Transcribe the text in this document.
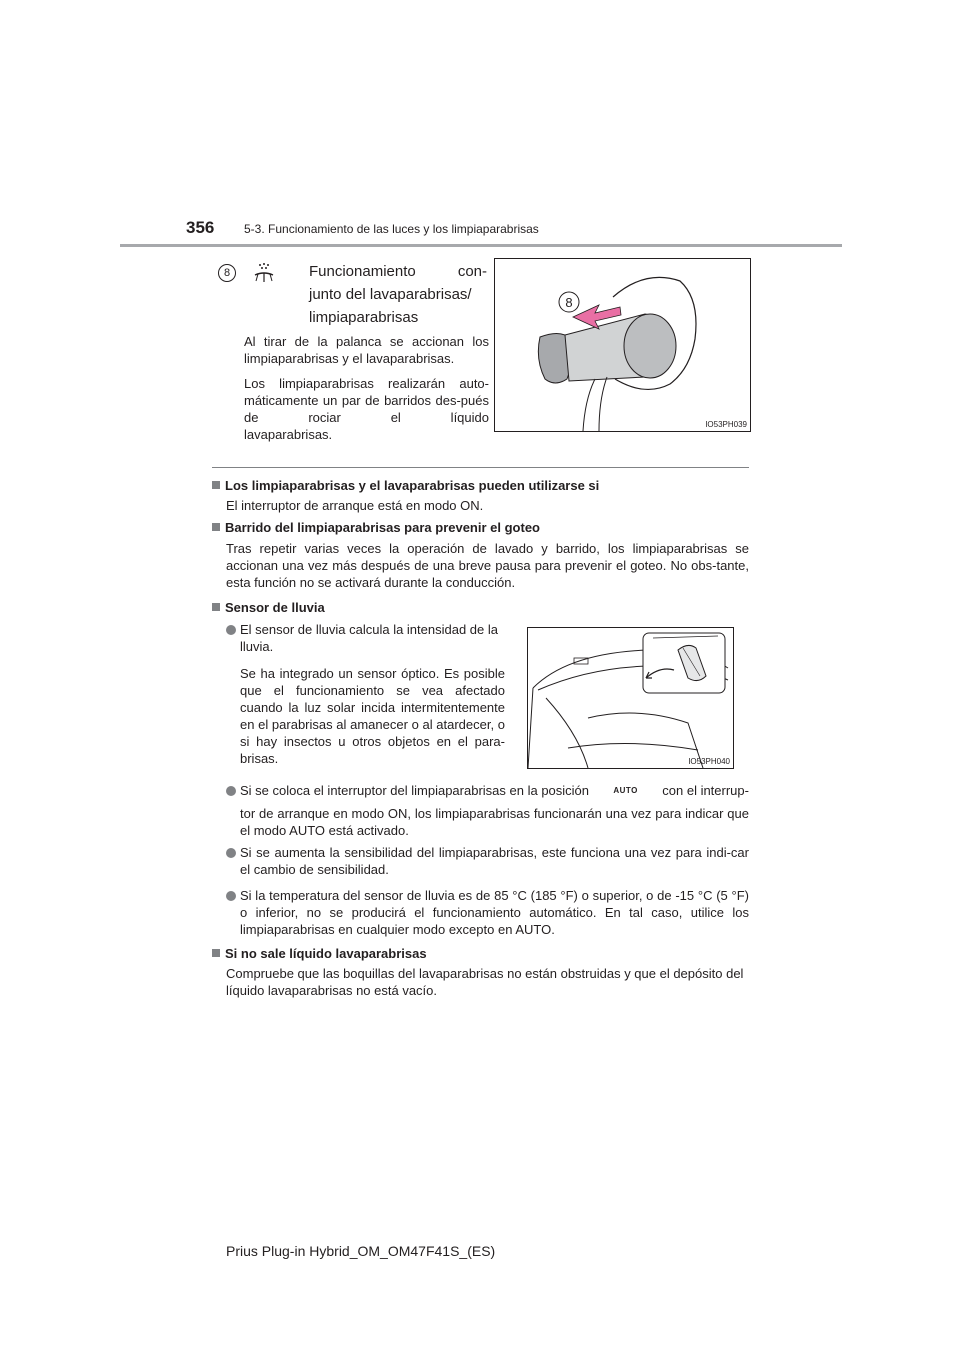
356 5-3. Funcionamiento de las luces y los limpiaparabrisas
8	Funcionamiento	con-
junto del lavaparabrisas/
limpiaparabrisas
Al tirar de la palanca se accionan los limpiaparabrisas y el lavaparabrisas.
Los limpiaparabrisas realizarán auto-máticamente un par de barridos des-pués de rociar el líquido
lavaparabrisas.
8
IO53PH039
Los limpiaparabrisas y el lavaparabrisas pueden utilizarse si
El interruptor de arranque está en modo ON.
Barrido del limpiaparabrisas para prevenir el goteo
Tras repetir varias veces la operación de lavado y barrido, los limpiaparabrisas se accionan una vez más después de una breve pausa para prevenir el goteo. No obs-tante, esta función no se activará durante la conducción.
Sensor de lluvia
El sensor de lluvia calcula la intensidad de la lluvia.
Se ha integrado un sensor óptico. Es posible que el funcionamiento se vea afectado cuando la luz solar incida intermitentemente en el parabrisas al amanecer o al atardecer, o si hay insectos u otros objetos en el para-brisas.	IO53PH040
Si se coloca el interruptor del limpiaparabrisas en la posición	AUTO con el interrup-
tor de arranque en modo ON, los limpiaparabrisas funcionarán una vez para indicar que el modo AUTO está activado.
Si se aumenta la sensibilidad del limpiaparabrisas, este funciona una vez para indi-car el cambio de sensibilidad.
Si la temperatura del sensor de lluvia es de 85 °C (185 °F) o superior, o de -15 °C (5 °F) o inferior, no se producirá el funcionamiento automático. En tal caso, utilice los limpiaparabrisas en cualquier modo excepto en AUTO.
Si no sale líquido lavaparabrisas
Compruebe que las boquillas del lavaparabrisas no están obstruidas y que el depósito del líquido lavaparabrisas no está vacío.
Prius Plug-in Hybrid_OM_OM47F41S_(ES)
